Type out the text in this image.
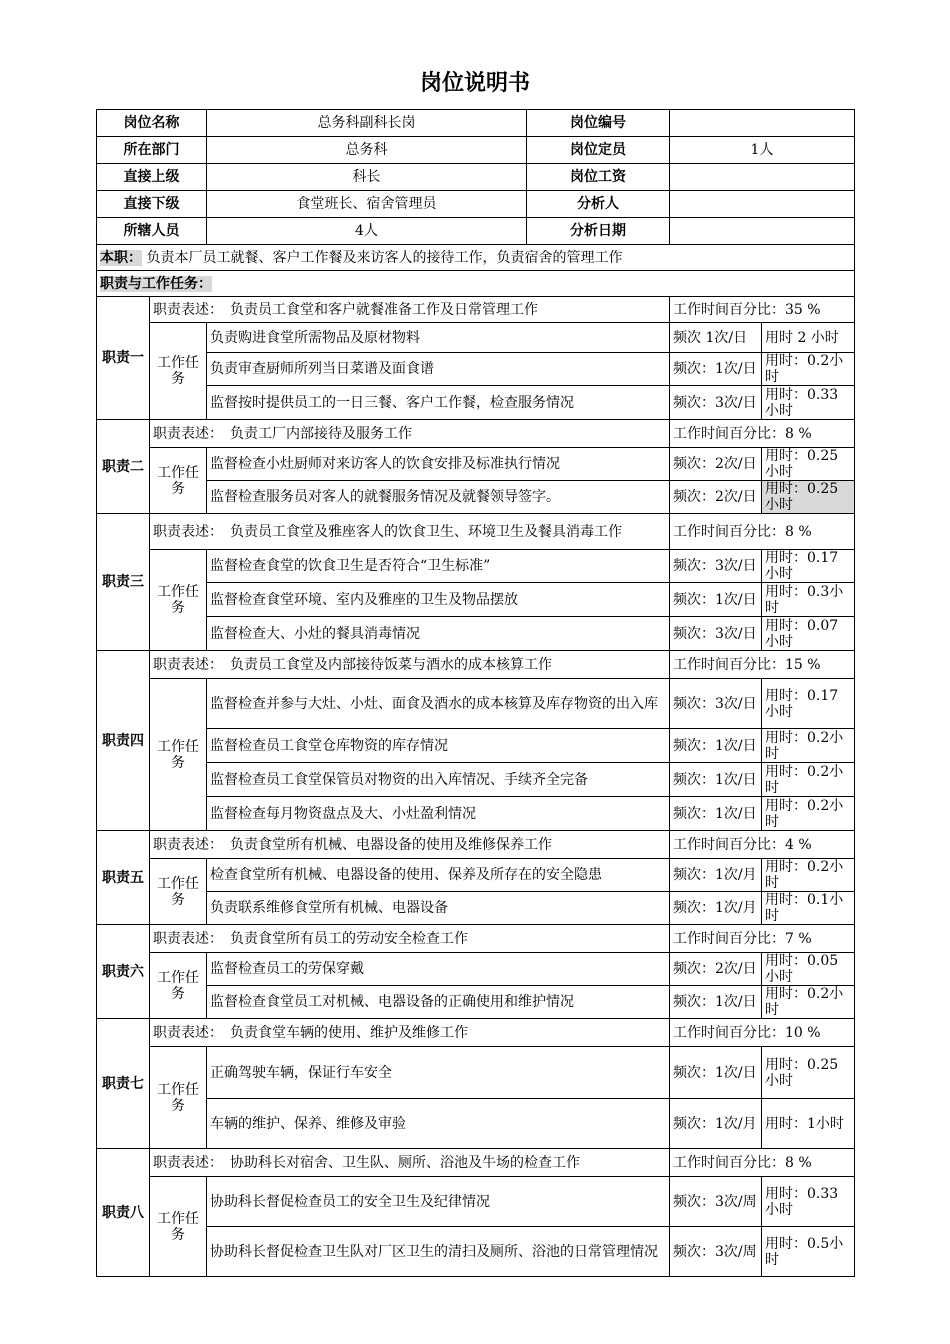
岗位说明书
岗位名称		总务科副科长岗	岗位编号		
所在部门		总务科	岗位定员	1人	
直接上级		科长	岗位工资		
直接下级		食堂班长、宿舍管理员	分析人		
所辖人员		4人	分析日期		
本职： 负责本厂员工就餐、客户工作餐及来访客人的接待工作，负责宿舍的管理工作					
职责与工作任务：					
职责一	职责表述：　负责员工食堂和客户就餐准备工作及日常管理工作			工作时间百分比：35 %	
	工作任务	负责购进食堂所需物品及原材物料		频次 1次/日	用时 2 小时
		负责审查厨师所列当日菜谱及面食谱		频次：1次/日	用时：0.2小时
		监督按时提供员工的一日三餐、客户工作餐，检查服务情况		频次：3次/日	用时：0.33小时
职责二	职责表述：　负责工厂内部接待及服务工作			工作时间百分比：8 %	
	工作任务	监督检查小灶厨师对来访客人的饮食安排及标准执行情况		频次：2次/日	用时：0.25小时
		监督检查服务员对客人的就餐服务情况及就餐领导签字。		频次：2次/日	用时：0.25小时
职责三	职责表述：　负责员工食堂及雅座客人的饮食卫生、环境卫生及餐具消毒工作			工作时间百分比：8 %	
	工作任务	监督检查食堂的饮食卫生是否符合“卫生标准”		频次：3次/日	用时：0.17小时
		监督检查食堂环境、室内及雅座的卫生及物品摆放		频次：1次/日	用时：0.3小时
		监督检查大、小灶的餐具消毒情况		频次：3次/日	用时：0.07小时
职责四	职责表述：　负责员工食堂及内部接待饭菜与酒水的成本核算工作			工作时间百分比：15 %	
	工作任务	监督检查并参与大灶、小灶、面食及酒水的成本核算及库存物资的出入库		频次：3次/日	用时：0.17小时
		监督检查员工食堂仓库物资的库存情况		频次：1次/日	用时：0.2小时
		监督检查员工食堂保管员对物资的出入库情况、手续齐全完备		频次：1次/日	用时：0.2小时
		监督检查每月物资盘点及大、小灶盈利情况		频次：1次/日	用时：0.2小时
职责五	职责表述：　负责食堂所有机械、电器设备的使用及维修保养工作			工作时间百分比：4 %	
	工作任务	检查食堂所有机械、电器设备的使用、保养及所存在的安全隐患		频次：1次/月	用时：0.2小时
		负责联系维修食堂所有机械、电器设备		频次：1次/月	用时：0.1小时
职责六	职责表述：　负责食堂所有员工的劳动安全检查工作			工作时间百分比：7 %	
	工作任务	监督检查员工的劳保穿戴		频次：2次/日	用时：0.05小时
		监督检查食堂员工对机械、电器设备的正确使用和维护情况		频次：1次/日	用时：0.2小时
职责七	职责表述：　负责食堂车辆的使用、维护及维修工作			工作时间百分比：10 %	
	工作任务	正确驾驶车辆，保证行车安全		频次：1次/日	用时：0.25小时
		车辆的维护、保养、维修及审验		频次：1次/月	用时：1小时
职责八	职责表述：　协助科长对宿舍、卫生队、厕所、浴池及牛场的检查工作			工作时间百分比：8 %	
	工作任务	协助科长督促检查员工的安全卫生及纪律情况		频次：3次/周	用时：0.33小时
		协助科长督促检查卫生队对厂区卫生的清扫及厕所、浴池的日常管理情况		频次：3次/周	用时：0.5小时
